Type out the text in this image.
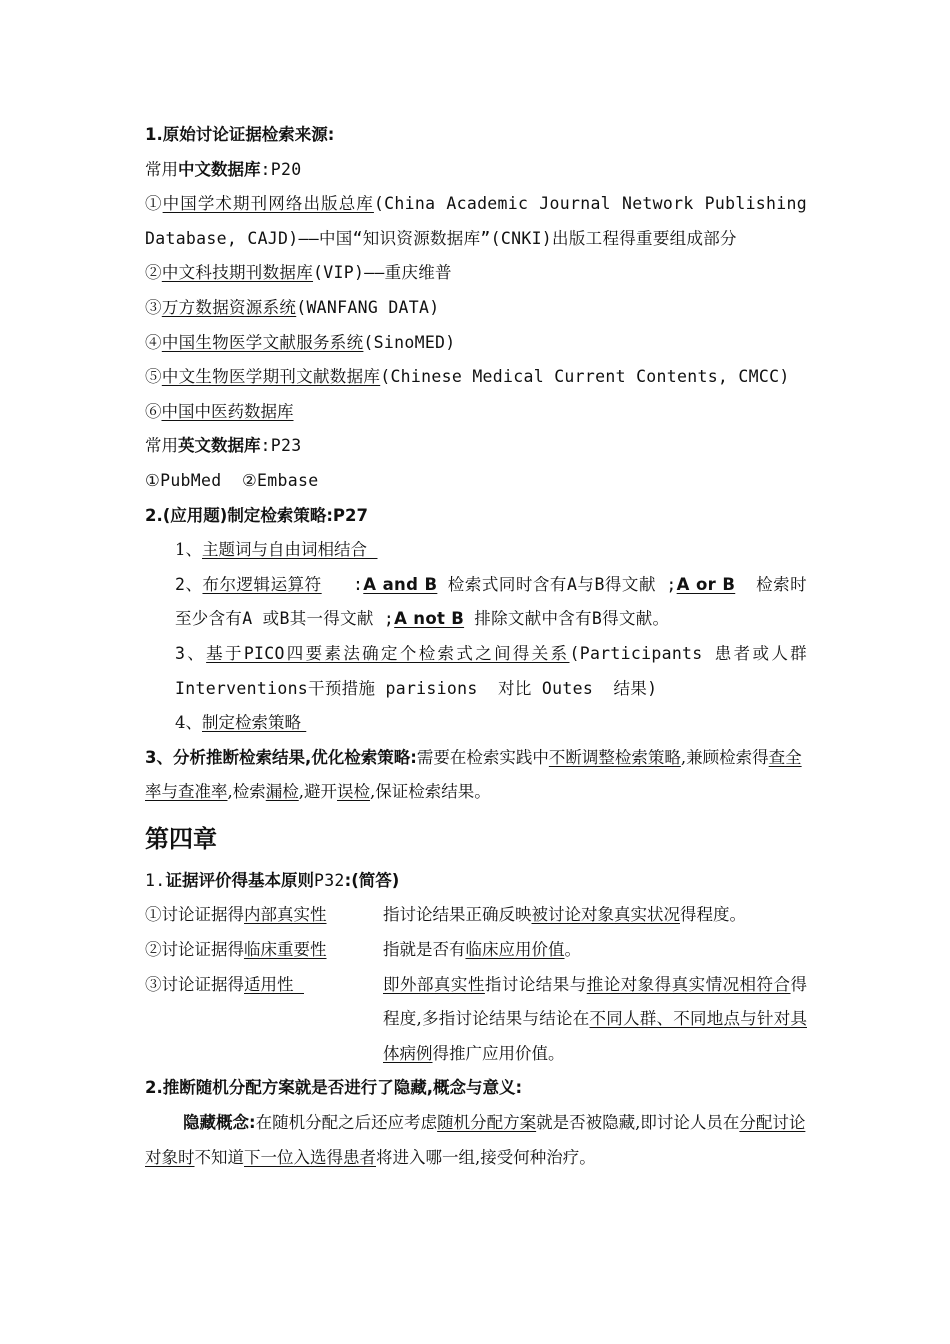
1.原始讨论证据检索来源:
常用中文数据库:P20
①中国学术期刊网络出版总库(China Academic Journal Network Publishing Database, CAJD)——中国“知识资源数据库”(CNKI)出版工程得重要组成部分
②中文科技期刊数据库(VIP)——重庆维普
③万方数据资源系统(WANFANG DATA)
④中国生物医学文献服务系统(SinoMED)
⑤中文生物医学期刊文献数据库(Chinese Medical Current Contents, CMCC)
⑥中国中医药数据库
常用英文数据库:P23
①PubMed  ②Embase
2.(应用题)制定检索策略:P27
1、主题词与自由词相结合
2、布尔逻辑运算符   :A and B 检索式同时含有A与B得文献 ;A or B  检索时至少含有A 或B其一得文献 ;A not B 排除文献中含有B得文献。
3、基于PICO四要素法确定个检索式之间得关系(Participants 患者或人群 Interventions干预措施 parisions  对比 Outes  结果)
4、制定检索策略
3、分析推断检索结果,优化检索策略:需要在检索实践中不断调整检索策略,兼顾检索得查全率与查准率,检索漏检,避开误检,保证检索结果。
第四章
1.证据评价得基本原则P32:(简答)
①讨论证据得内部真实性	指讨论结果正确反映被讨论对象真实状况得程度。
②讨论证据得临床重要性	指就是否有临床应用价值。
③讨论证据得适用性	即外部真实性指讨论结果与推论对象得真实情况相符合得程度,多指讨论结果与结论在不同人群、不同地点与针对具体病例得推广应用价值。
2.推断随机分配方案就是否进行了隐藏,概念与意义:
隐藏概念:在随机分配之后还应考虑随机分配方案就是否被隐藏,即讨论人员在分配讨论对象时不知道下一位入选得患者将进入哪一组,接受何种治疗。
